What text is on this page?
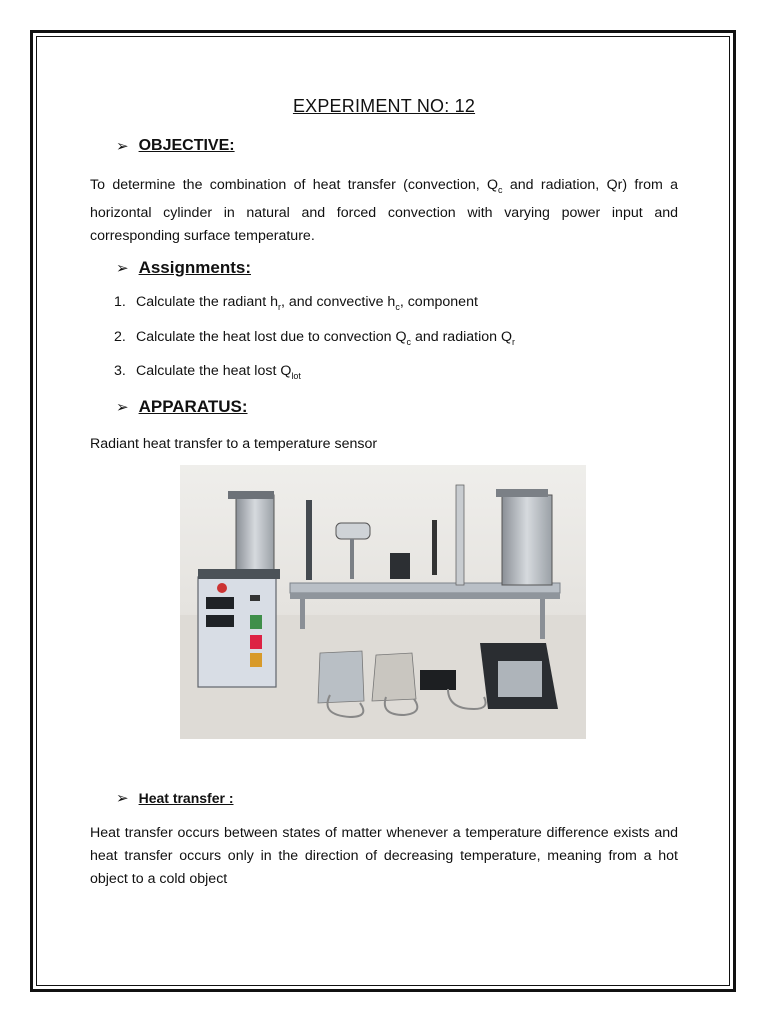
EXPERIMENT NO: 12
➢ OBJECTIVE:
To determine the combination of heat transfer (convection, $Q_c$ and radiation, Qr) from a horizontal cylinder in natural and forced convection with varying power input and corresponding surface temperature.
➢ Assignments:
1. Calculate the radiant $h_r$, and convective $h_c$, component
2. Calculate the heat lost due to convection $Q_c$ and radiation $Q_r$
3. Calculate the heat lost $Q_{lot}$
➢ APPARATUS:
Radiant heat transfer to a temperature sensor
➢ Heat transfer :
Heat transfer occurs between states of matter whenever a temperature difference exists and heat transfer occurs only in the direction of decreasing temperature, meaning from a hot object to a cold object
